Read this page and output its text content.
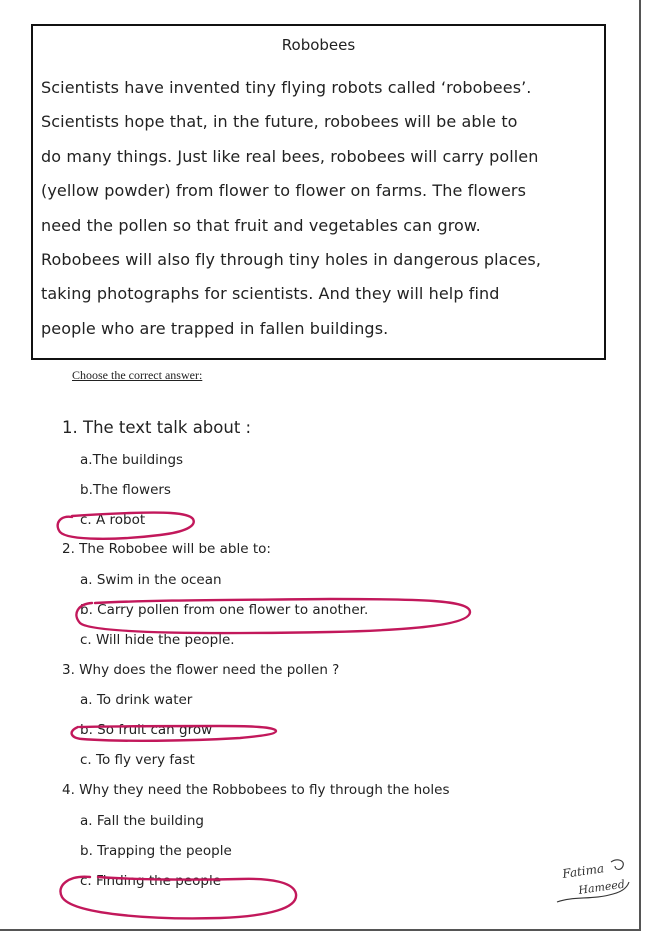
Robobees
Scientists have invented tiny flying robots called ‘robobees’.
Scientists hope that, in the future, robobees will be able to
do many things. Just like real bees, robobees will carry pollen
(yellow powder) from flower to flower on farms. The flowers
need the pollen so that fruit and vegetables can grow.
Robobees will also fly through tiny holes in dangerous places,
taking photographs for scientists. And they will help find
people who are trapped in fallen buildings.
Choose the correct answer:
1. The text talk about :
a.The buildings
b.The flowers
c. A robot
2. The Robobee will be able to:
a. Swim in the ocean
b. Carry pollen from one flower to another.
c. Will hide the people.
3. Why does the flower need the pollen ?
a. To drink water
b. So fruit can grow
c. To fly very fast
4. Why they need the Robbobees to fly through the holes
a. Fall the building
b. Trapping the people
c. Finding the people
Fatima
Hameed
